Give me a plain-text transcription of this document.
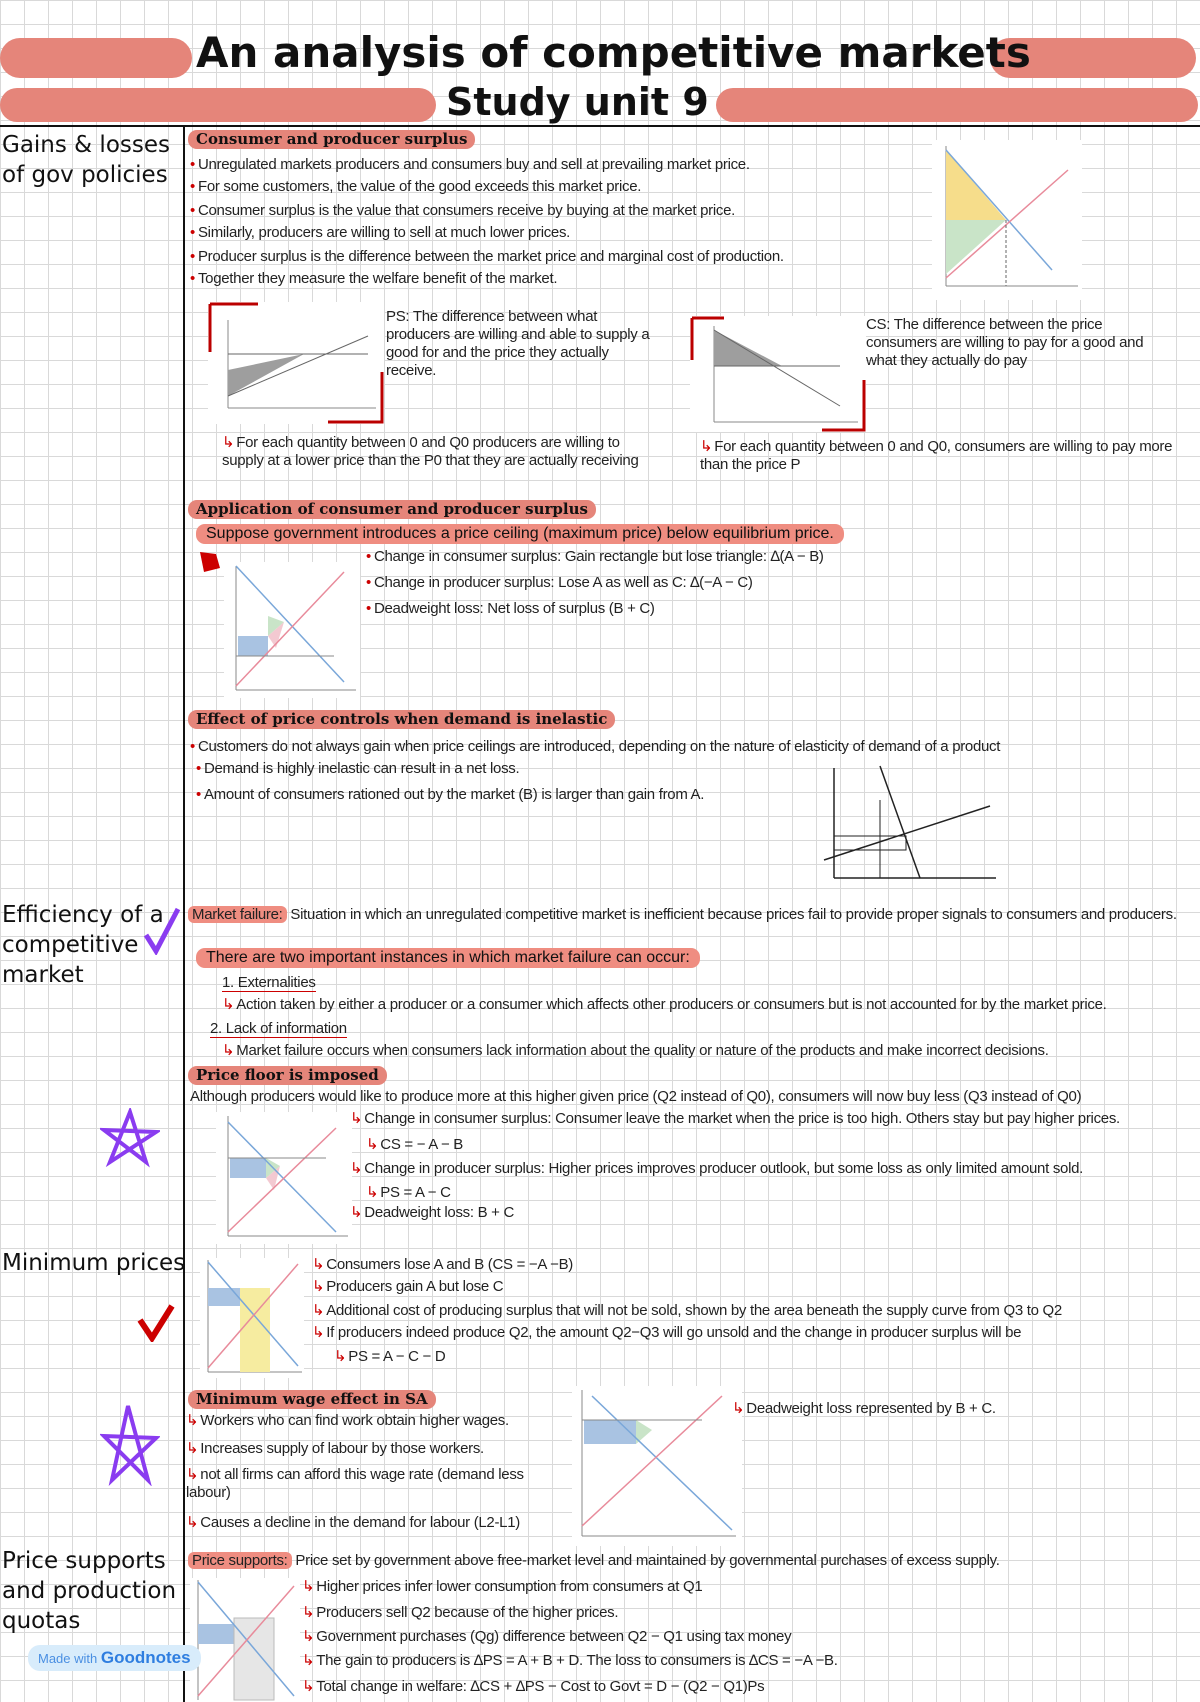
An analysis of competitive markets
Study unit 9
Gains & losses of gov policies
Efficiency of a competitive market
Minimum prices
Price supports and production quotas
Consumer and producer surplus
• Unregulated markets producers and consumers buy and sell at prevailing market price.
• For some customers, the value of the good exceeds this market price.
• Consumer surplus is the value that consumers receive by buying at the market price.
• Similarly, producers are willing to sell at much lower prices.
• Producer surplus is the difference between the market price and marginal cost of production.
• Together they measure the welfare benefit of the market.
PS: The difference between what producers are willing and able to supply a good for and the price they actually receive.
CS: The difference between the price consumers are willing to pay for a good and what they actually do pay
↳ For each quantity between 0 and Q0 producers are willing to supply at a lower price than the P0 that they are actually receiving
↳ For each quantity between 0 and Q0, consumers are willing to pay more than the price P
Application of consumer and producer surplus
Suppose government introduces a price ceiling (maximum price) below equilibrium price.
• Change in consumer surplus: Gain rectangle but lose triangle: ∆(A − B)
• Change in producer surplus: Lose A as well as C: ∆(−A − C)
• Deadweight loss: Net loss of surplus (B + C)
Effect of price controls when demand is inelastic
• Customers do not always gain when price ceilings are introduced, depending on the nature of elasticity of demand of a product
• Demand is highly inelastic can result in a net loss.
• Amount of consumers rationed out by the market (B) is larger than gain from A.
Market failure: Situation in which an unregulated competitive market is inefficient because prices fail to provide proper signals to consumers and producers.
There are two important instances in which market failure can occur:
1. Externalities
↳ Action taken by either a producer or a consumer which affects other producers or consumers but is not accounted for by the market price.
2. Lack of information
↳ Market failure occurs when consumers lack information about the quality or nature of the products and make incorrect decisions.
Price floor is imposed
Although producers would like to produce more at this higher given price (Q2 instead of Q0), consumers will now buy less (Q3 instead of Q0)
↳ Change in consumer surplus: Consumer leave the market when the price is too high. Others stay but pay higher prices.
↳ CS = − A − B
↳ Change in producer surplus: Higher prices improves producer outlook, but some loss as only limited amount sold.
↳ PS = A − C
↳ Deadweight loss: B + C
↳ Consumers lose A and B (CS = −A −B)
↳ Producers gain A but lose C
↳ Additional cost of producing surplus that will not be sold, shown by the area beneath the supply curve from Q3 to Q2
↳ If producers indeed produce Q2, the amount Q2−Q3 will go unsold and the change in producer surplus will be
↳ PS = A − C − D
Minimum wage effect in SA
↳ Workers who can find work obtain higher wages.
↳ Increases supply of labour by those workers.
↳ not all firms can afford this wage rate (demand less labour)
↳ Causes a decline in the demand for labour (L2-L1)
↳ Deadweight loss represented by B + C.
Price supports: Price set by government above free-market level and maintained by governmental purchases of excess supply.
↳ Higher prices infer lower consumption from consumers at Q1
↳ Producers sell Q2 because of the higher prices.
↳ Government purchases (Qg) difference between Q2 − Q1 using tax money
↳ The gain to producers is ∆PS = A + B + D. The loss to consumers is ∆CS = −A −B.
↳ Total change in welfare: ∆CS + ∆PS − Cost to Govt = D − (Q2 − Q1)Ps
Made with Goodnotes
